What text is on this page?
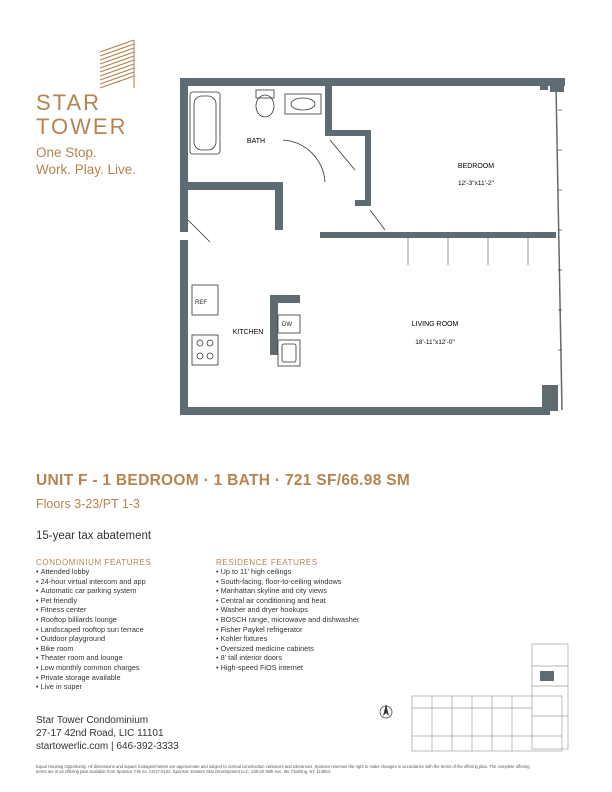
STAR
TOWER
One Stop.
Work. Play. Live.
REF
DW
BATH
BEDROOM
12'-3"x11'-2"
LIVING ROOM
18'-11"x12'-0"
KITCHEN
UNIT F - 1 BEDROOM · 1 BATH · 721 SF/66.98 SM
Floors 3-23/PT 1-3
15-year tax abatement
CONDOMINIUM FEATURES
• Attended lobby
• 24-hour virtual intercom and app
• Automatic car parking system
• Pet friendly
• Fitness center
• Rooftop billiards lounge
• Landscaped rooftop sun terrace
• Outdoor playground
• Bike room
• Theater room and lounge
• Low monthly common charges
• Private storage available
• Live in super
RESIDENCE FEATURES
• Up to 11' high ceilings
• South-facing, floor-to-ceiling windows
• Manhattan skyline and city views
• Central air conditioning and heat
• Washer and dryer hookups
• BOSCH range, microwave and dishwasher
• Fisher Paykel refrigerator
• Kohler fixtures
• Oversized medicine cabinets
• 8' tall interior doors
• High-speed FiOS internet
Star Tower Condominium
27-17 42nd Road, LIC 11101
startowerlic.com | 646-392-3333
Equal Housing Opportunity. All dimensions and square footages/meters are approximate and subject to normal construction variances and tolerances. Sponsor reserves the right to make changes in accordance with the terms of the offering plan. The complete offering terms are in an offering plan available from Sponsor. File no. CD17-0102. Sponsor: Eastern Star Development LLC, 136-20 38th Ave, 6B, Flushing, NY 113654.
